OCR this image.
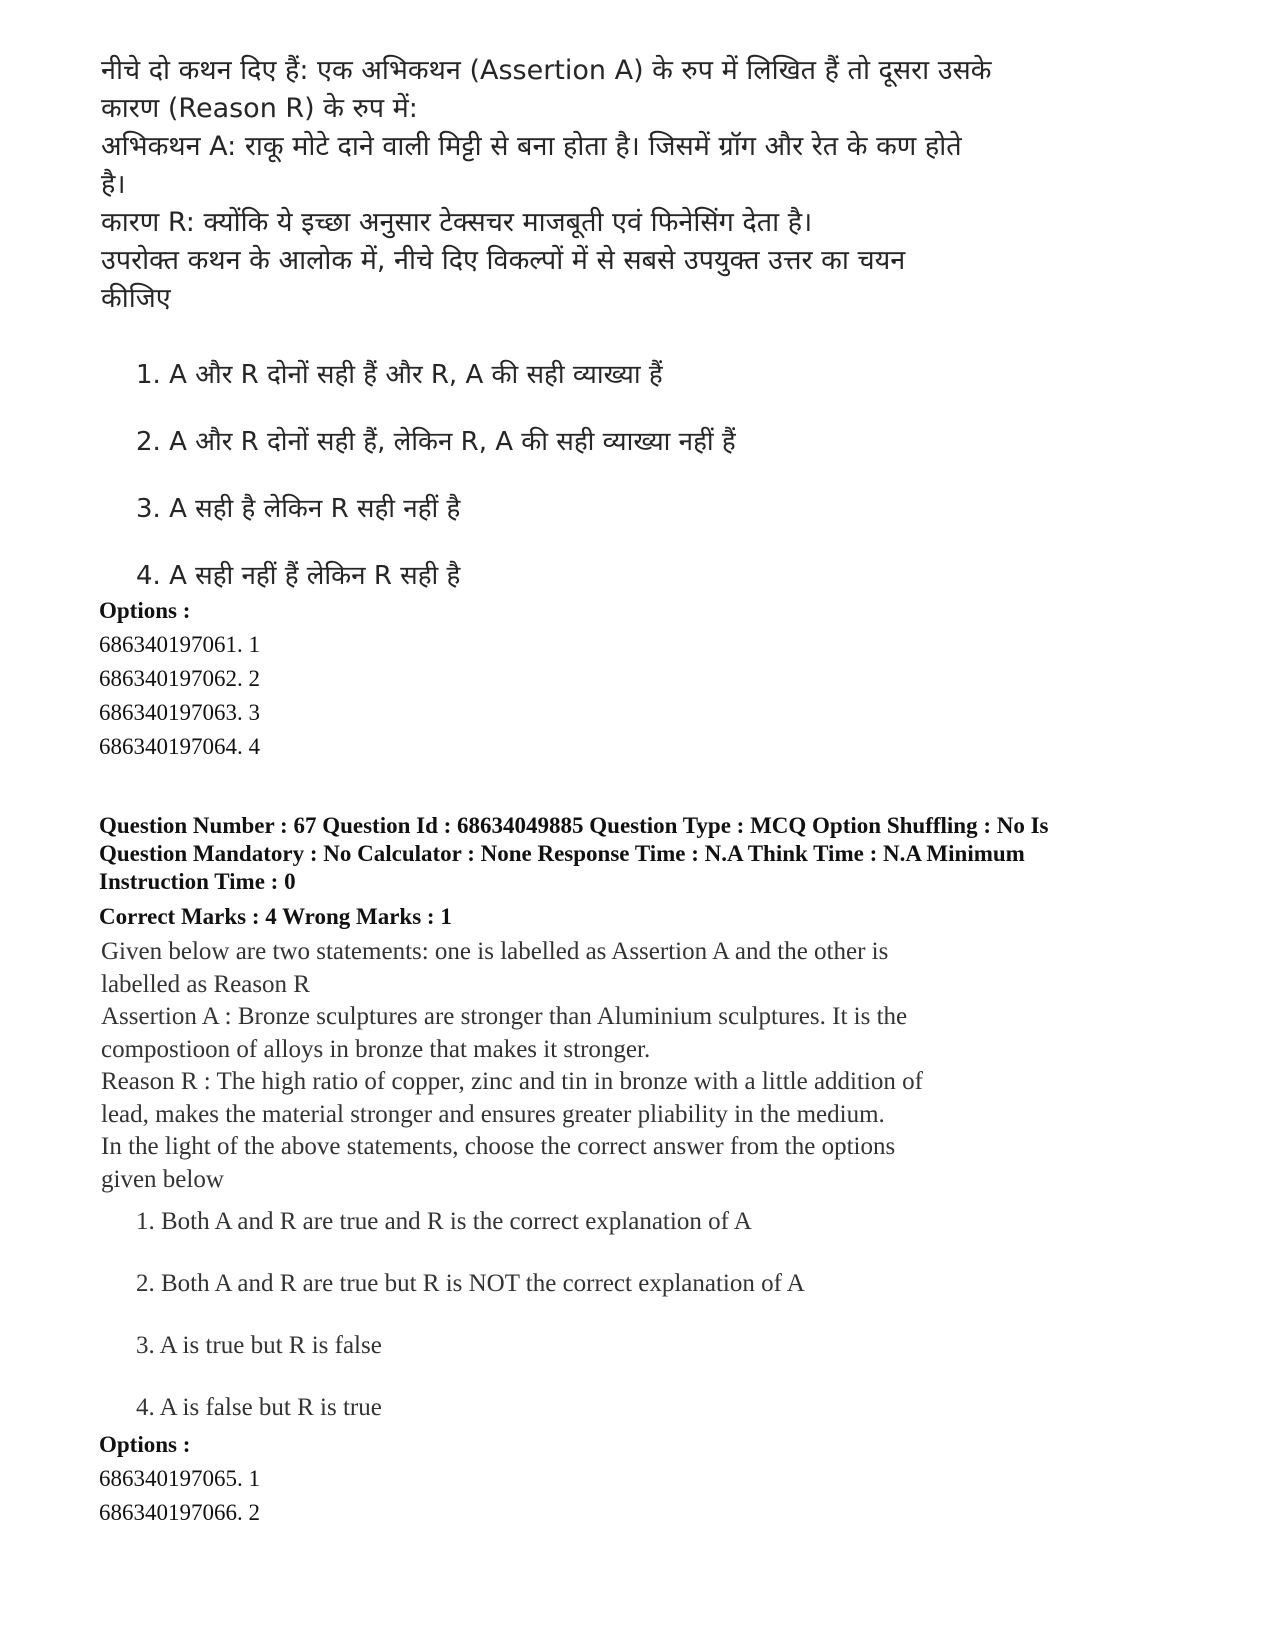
नीचे दो कथन दिए हैं: एक अभिकथन (Assertion A) के रुप में लिखित हैं तो दूसरा उसके

कारण (Reason R) के रुप में:

अभिकथन A: राकू मोटे दाने वाली मिट्टी से बना होता है। जिसमें ग्रॉग और रेत के कण होते

है।

कारण R: क्योंकि ये इच्छा अनुसार टेक्सचर माजबूती एवं फिनेसिंग देता है।

उपरोक्त कथन के आलोक में, नीचे दिए विकल्पों में से सबसे उपयुक्त उत्तर का चयन

कीजिए

1. A और R दोनों सही हैं और R, A की सही व्याख्या हैं
2. A और R दोनों सही हैं, लेकिन R, A की सही व्याख्या नहीं हैं
3. A सही है लेकिन R सही नहीं है
4. A सही नहीं हैं लेकिन R सही है
Options :
686340197061. 1
686340197062. 2
686340197063. 3
686340197064. 4
Question Number : 67 Question Id : 68634049885 Question Type : MCQ Option Shuffling : No Is
Question Mandatory : No Calculator : None Response Time : N.A Think Time : N.A Minimum
Instruction Time : 0
Correct Marks : 4 Wrong Marks : 1

Given below are two statements: one is labelled as Assertion A and the other is

labelled as Reason R

Assertion A : Bronze sculptures are stronger than Aluminium sculptures. It is the

compostioon of alloys in bronze that makes it stronger.

Reason R : The high ratio of copper, zinc and tin in bronze with a little addition of

lead, makes the material stronger and ensures greater pliability in the medium.

In the light of the above statements, choose the correct answer from the options

given below

1. Both A and R are true and R is the correct explanation of A
2. Both A and R are true but R is NOT the correct explanation of A
3. A is true but R is false
4. A is false but R is true
Options :
686340197065. 1
686340197066. 2
